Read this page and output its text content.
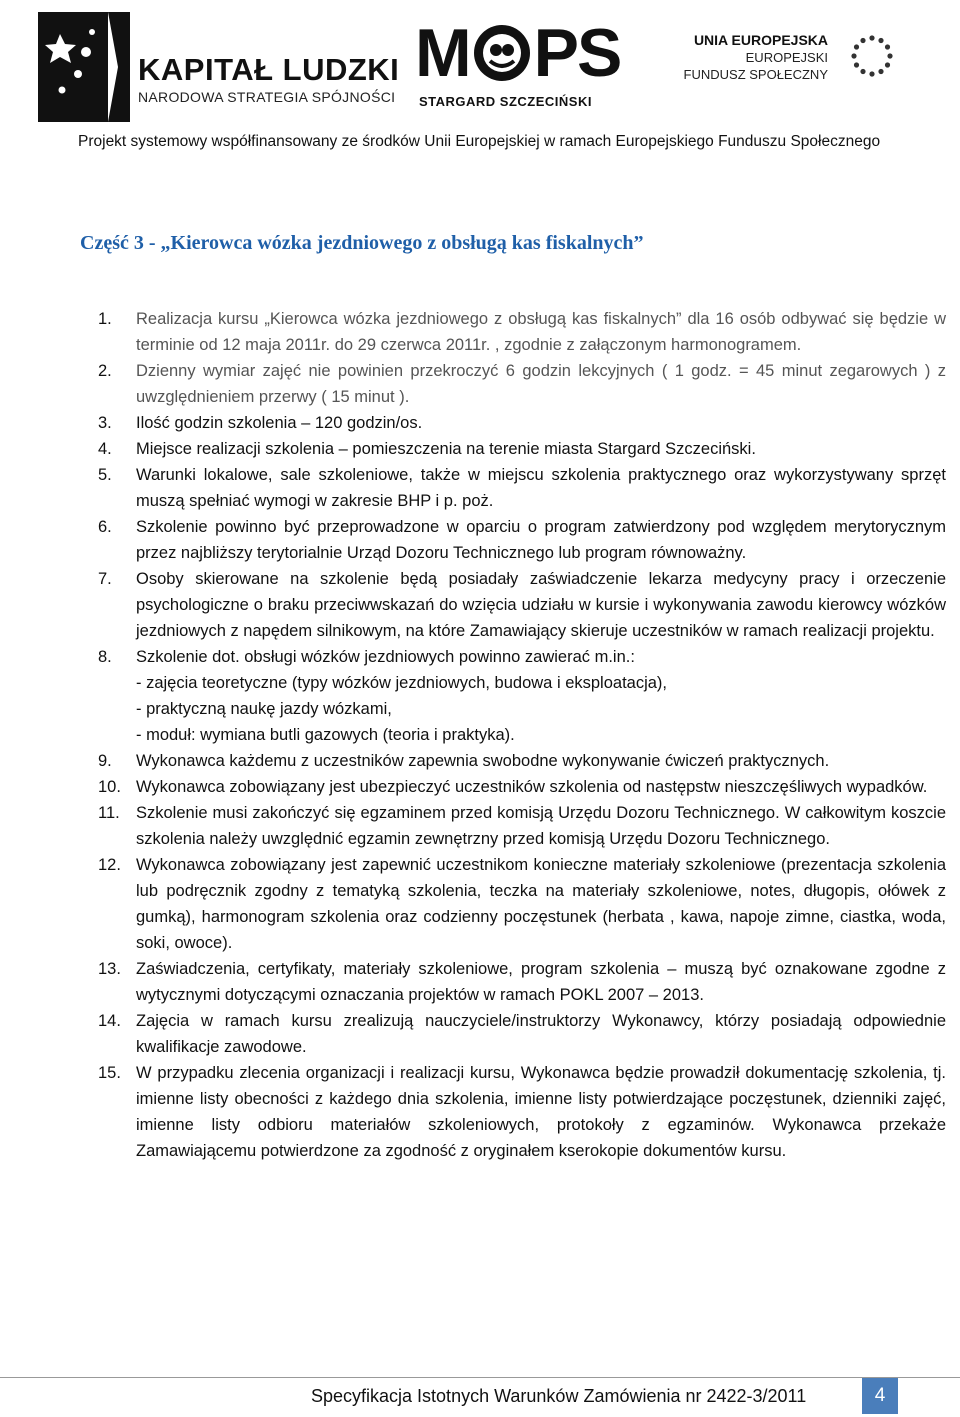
KAPITAŁ LUDZKI
NARODOWA STRATEGIA SPÓJNOŚCI
M PS
STARGARD SZCZECIŃSKI
UNIA EUROPEJSKA
EUROPEJSKI
FUNDUSZ SPOŁECZNY
Projekt systemowy współfinansowany ze środków Unii Europejskiej w ramach Europejskiego Funduszu Społecznego
Część 3 - „Kierowca wózka jezdniowego z obsługą kas fiskalnych”
1.	Realizacja kursu „Kierowca wózka jezdniowego z obsługą kas fiskalnych” dla 16 osób odbywać się będzie w terminie od 12 maja 2011r. do 29 czerwca 2011r. , zgodnie z załączonym harmonogramem.
2.	Dzienny wymiar zajęć nie powinien przekroczyć 6 godzin lekcyjnych ( 1 godz. = 45 minut zegarowych ) z uwzględnieniem przerwy ( 15 minut ).
3.	Ilość godzin szkolenia – 120 godzin/os.
4.	Miejsce realizacji szkolenia – pomieszczenia na terenie miasta Stargard Szczeciński.
5.	Warunki lokalowe, sale szkoleniowe, także w miejscu szkolenia praktycznego oraz wykorzystywany sprzęt muszą spełniać wymogi w zakresie BHP i p. poż.
6.	Szkolenie powinno być przeprowadzone w oparciu o program zatwierdzony pod względem merytorycznym przez najbliższy terytorialnie Urząd Dozoru Technicznego lub program równoważny.
7.	Osoby skierowane na szkolenie będą posiadały zaświadczenie lekarza medycyny pracy i orzeczenie psychologiczne o braku przeciwwskazań do wzięcia udziału w kursie i wykonywania zawodu kierowcy wózków jezdniowych z napędem silnikowym, na które Zamawiający skieruje uczestników w ramach realizacji projektu.
8.	Szkolenie dot. obsługi wózków jezdniowych powinno zawierać m.in.:
- zajęcia teoretyczne (typy wózków jezdniowych, budowa i eksploatacja),
- praktyczną naukę jazdy wózkami,
- moduł: wymiana butli gazowych (teoria i praktyka).
9.	Wykonawca każdemu z uczestników zapewnia swobodne wykonywanie ćwiczeń praktycznych.
10. Wykonawca zobowiązany jest ubezpieczyć uczestników szkolenia od następstw nieszczęśliwych wypadków.
11. Szkolenie musi zakończyć się egzaminem przed komisją Urzędu Dozoru Technicznego. W całkowitym koszcie szkolenia należy uwzględnić egzamin zewnętrzny przed komisją Urzędu Dozoru Technicznego.
12. Wykonawca zobowiązany jest zapewnić uczestnikom konieczne materiały szkoleniowe (prezentacja szkolenia lub podręcznik zgodny z tematyką szkolenia, teczka na materiały szkoleniowe, notes, długopis, ołówek z gumką), harmonogram szkolenia oraz codzienny poczęstunek (herbata , kawa, napoje zimne, ciastka, woda, soki, owoce).
13. Zaświadczenia, certyfikaty, materiały szkoleniowe, program szkolenia – muszą być oznakowane zgodne z wytycznymi dotyczącymi oznaczania projektów w ramach POKL 2007 – 2013.
14. Zajęcia w ramach kursu zrealizują nauczyciele/instruktorzy Wykonawcy, którzy posiadają odpowiednie kwalifikacje zawodowe.
15. W przypadku zlecenia organizacji i realizacji kursu, Wykonawca będzie prowadził dokumentację szkolenia, tj. imienne listy obecności z każdego dnia szkolenia, imienne listy potwierdzające poczęstunek, dzienniki zajęć, imienne listy odbioru materiałów szkoleniowych, protokoły z egzaminów. Wykonawca przekaże Zamawiającemu potwierdzone za zgodność z oryginałem kserokopie dokumentów kursu.
Specyfikacja Istotnych Warunków Zamówienia nr 2422-3/2011	4
